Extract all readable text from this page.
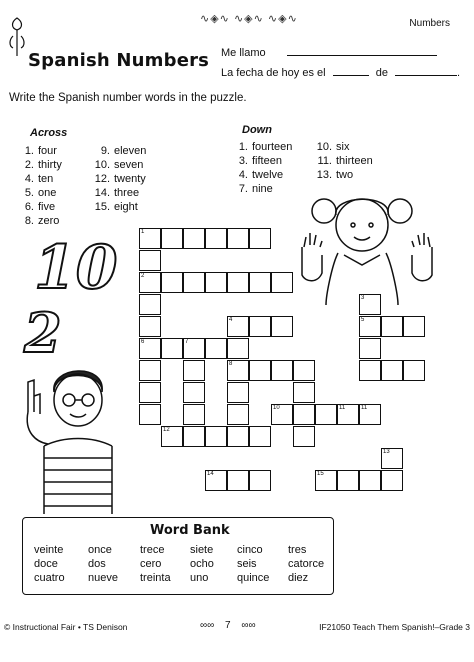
∿◈∿ ∿◈∿ ∿◈∿	Numbers
Spanish Numbers Me llamo
La fecha de hoy es el	de	.
Write the Spanish number words in the puzzle.
Across
1. four
2. thirty
4. ten
5. one
6. five
8. zero
9. eleven
10. seven
12. twenty
14. three
15. eight
Down
1. fourteen
3. fifteen
4. twelve
7. nine
10. six
11. thirteen
13. two
10
2
1
2
6
3
5
4
8
7
10	11	11
12
13
14	15
Word Bank
veinte once	trece siete cinco tres
doce	dos	cero	ocho seis	catorce
cuatro nueve treinta uno	quince diez
© Instructional Fair • TS Denison	∞∞ 7 ∞∞	IF21050 Teach Them Spanish!–Grade 3
